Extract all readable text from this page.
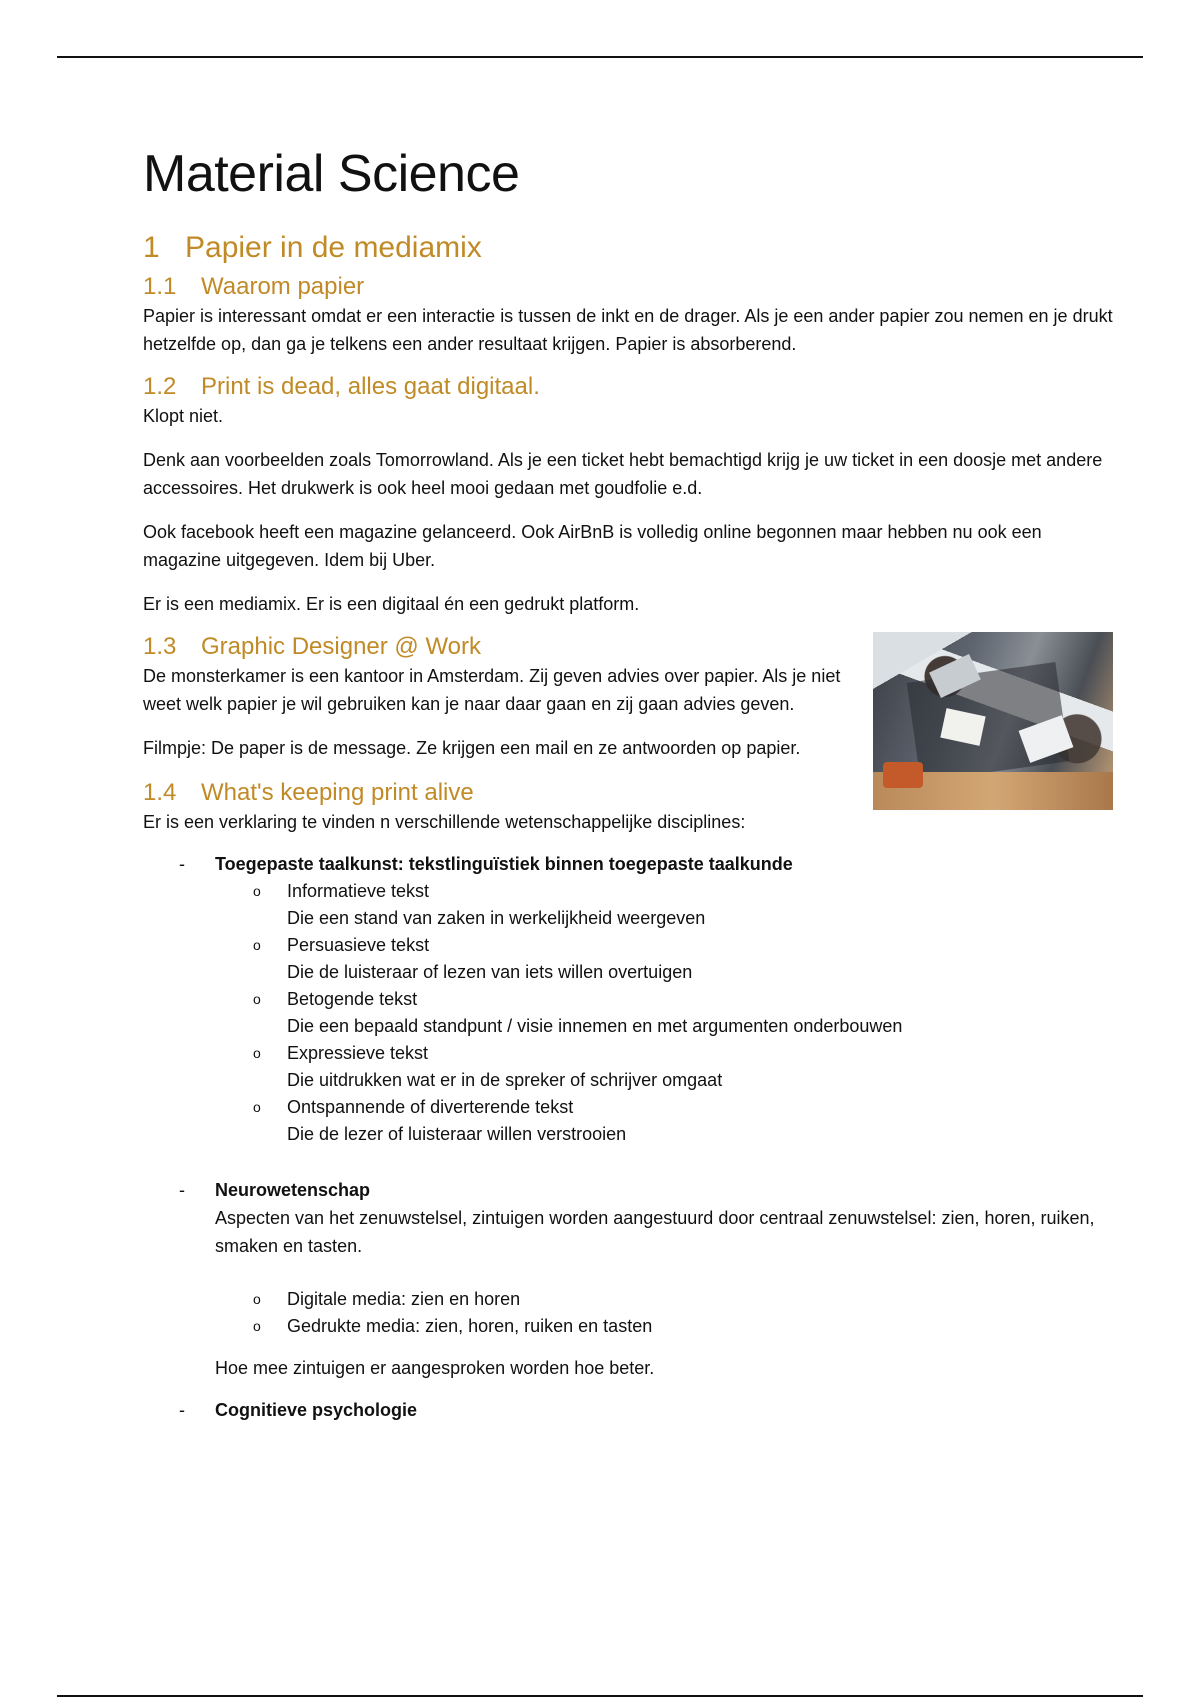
Material Science
1 Papier in de mediamix
1.1	Waarom papier

Papier is interessant omdat er een interactie is tussen de inkt en de drager. Als je een ander papier zou nemen en je drukt hetzelfde op, dan ga je telkens een ander resultaat krijgen. Papier is absorberend.

1.2	Print is dead, alles gaat digitaal.

Klopt niet.

Denk aan voorbeelden zoals Tomorrowland. Als je een ticket hebt bemachtigd krijg je uw ticket in een doosje met andere accessoires. Het drukwerk is ook heel mooi gedaan met goudfolie e.d.

Ook facebook heeft een magazine gelanceerd. Ook AirBnB is volledig online begonnen maar hebben nu ook een magazine uitgegeven. Idem bij Uber.

Er is een mediamix. Er is een digitaal én een gedrukt platform.

1.3	Graphic Designer @ Work

De monsterkamer is een kantoor in Amsterdam. Zij geven advies over papier. Als je niet weet welk papier je wil gebruiken kan je naar daar gaan en zij gaan advies geven.

Filmpje: De paper is de message. Ze krijgen een mail en ze antwoorden op papier.

1.4	What's keeping print alive

Er is een verklaring te vinden n verschillende wetenschappelijke disciplines:

- Toegepaste taalkunst: tekstlinguïstiek binnen toegepaste taalkunde
o Informatieve tekst
Die een stand van zaken in werkelijkheid weergeven
o Persuasieve tekst
Die de luisteraar of lezen van iets willen overtuigen
o Betogende tekst
Die een bepaald standpunt / visie innemen en met argumenten onderbouwen
o Expressieve tekst
Die uitdrukken wat er in de spreker of schrijver omgaat
o Ontspannende of diverterende tekst
Die de lezer of luisteraar willen verstrooien
- Neurowetenschap
Aspecten van het zenuwstelsel, zintuigen worden aangestuurd door centraal zenuwstelsel: zien, horen, ruiken, smaken en tasten.
o Digitale media: zien en horen
o Gedrukte media: zien, horen, ruiken en tasten
Hoe mee zintuigen er aangesproken worden hoe beter.
- Cognitieve psychologie
